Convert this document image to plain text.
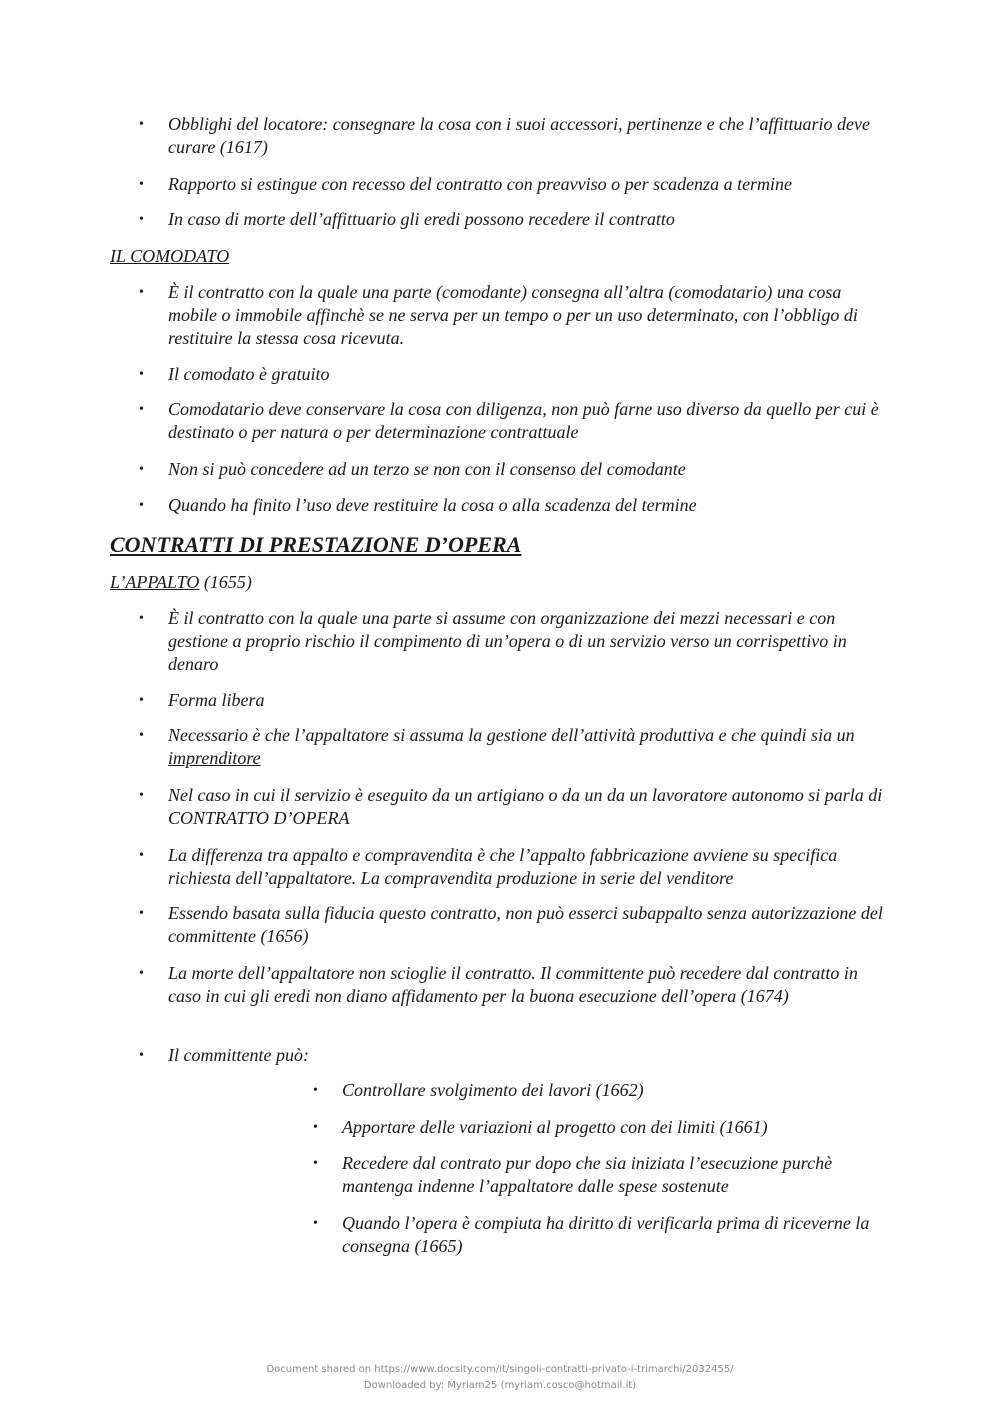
• Obblighi del locatore: consegnare la cosa con i suoi accessori, pertinenze e che l’affittuario deve curare (1617)
• Rapporto si estingue con recesso del contratto con preavviso o per scadenza a termine
• In caso di morte dell’affittuario gli eredi possono recedere il contratto
IL COMODATO
• È il contratto con la quale una parte (comodante) consegna all’altra (comodatario) una cosa mobile o immobile affinchè se ne serva per un tempo o per un uso determinato, con l’obbligo di restituire la stessa cosa ricevuta.
• Il comodato è gratuito
• Comodatario deve conservare la cosa con diligenza, non può farne uso diverso da quello per cui è destinato o per natura o per determinazione contrattuale
• Non si può concedere ad un terzo se non con il consenso del comodante
• Quando ha finito l’uso deve restituire la cosa o alla scadenza del termine
CONTRATTI DI PRESTAZIONE D’OPERA
L’APPALTO (1655)
• È il contratto con la quale una parte si assume con organizzazione dei mezzi necessari e con gestione a proprio rischio il compimento di un’opera o di un servizio verso un corrispettivo in denaro
• Forma libera
• Necessario è che l’appaltatore si assuma la gestione dell’attività produttiva e che quindi sia un imprenditore
• Nel caso in cui il servizio è eseguito da un artigiano o da un da un lavoratore autonomo si parla di CONTRATTO D’OPERA
• La differenza tra appalto e compravendita è che l’appalto fabbricazione avviene su specifica richiesta dell’appaltatore. La compravendita produzione in serie del venditore
• Essendo basata sulla fiducia questo contratto, non può esserci subappalto senza autorizzazione del committente (1656)
• La morte dell’appaltatore non scioglie il contratto. Il committente può recedere dal contratto in caso in cui gli eredi non diano affidamento per la buona esecuzione dell’opera (1674)
• Il committente può:
• Controllare svolgimento dei lavori (1662)
• Apportare delle variazioni al progetto con dei limiti (1661)
• Recedere dal contrato pur dopo che sia iniziata l’esecuzione purchè mantenga indenne l’appaltatore dalle spese sostenute
• Quando l’opera è compiuta ha diritto di verificarla prima di riceverne la consegna (1665)
Document shared on https://www.docsity.com/it/singoli-contratti-privato-i-trimarchi/2032455/
Downloaded by: Myriam25 (myriam.cosco@hotmail.it)
